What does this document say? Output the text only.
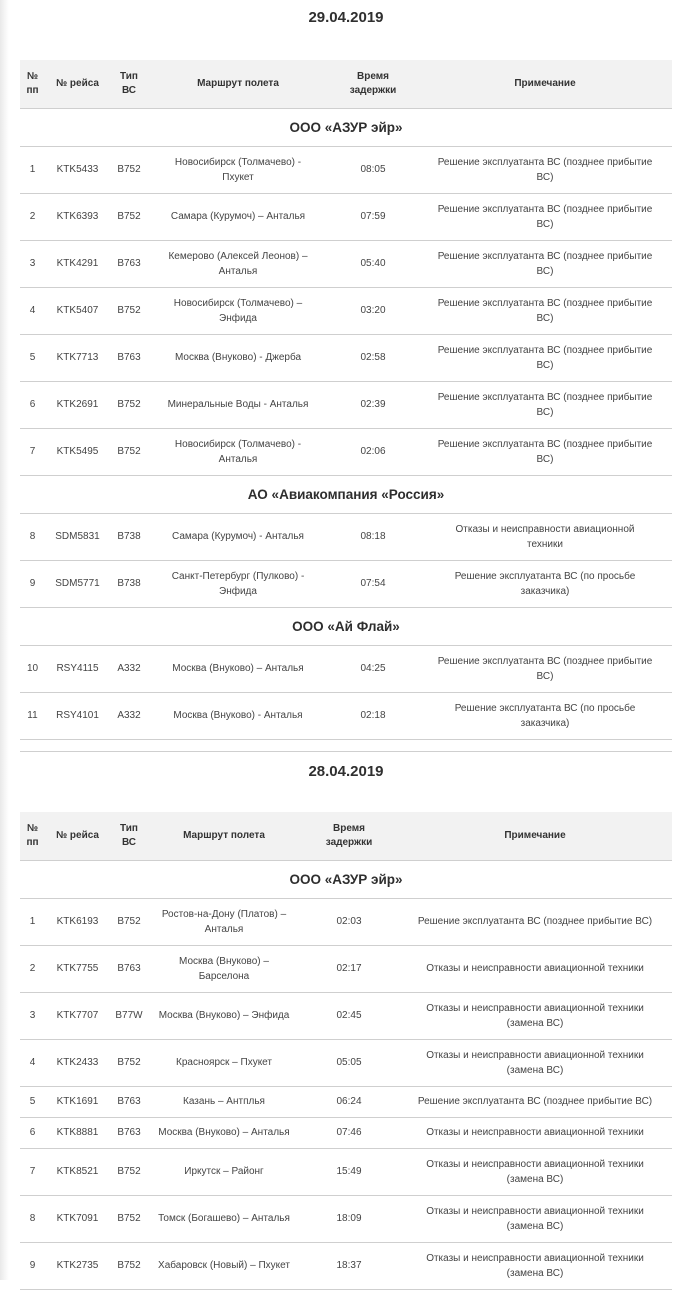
29.04.2019
№
пп	№ рейса	Тип
ВС	Маршрут полета	Время
задержки	Примечание
ООО «АЗУР эйр»					
1	KTK5433	B752	Новосибирск (Толмачево) -
Пхукет	08:05	Решение эксплуатанта ВС (позднее прибытие
ВС)
2	KTK6393	B752	Самара (Курумоч) – Анталья	07:59	Решение эксплуатанта ВС (позднее прибытие
ВС)
3	KTK4291	B763	Кемерово (Алексей Леонов) –
Анталья	05:40	Решение эксплуатанта ВС (позднее прибытие
ВС)
4	KTK5407	B752	Новосибирск (Толмачево) –
Энфида	03:20	Решение эксплуатанта ВС (позднее прибытие
ВС)
5	KTK7713	B763	Москва (Внуково) - Джерба	02:58	Решение эксплуатанта ВС (позднее прибытие
ВС)
6	KTK2691	B752	Минеральные Воды - Анталья	02:39	Решение эксплуатанта ВС (позднее прибытие
ВС)
7	KTK5495	B752	Новосибирск (Толмачево) -
Анталья	02:06	Решение эксплуатанта ВС (позднее прибытие
ВС)
АО «Авиакомпания «Россия»					
8	SDM5831	B738	Самара (Курумоч) - Анталья	08:18	Отказы и неисправности авиационной
техники
9	SDM5771	B738	Санкт-Петербург (Пулково) -
Энфида	07:54	Решение эксплуатанта ВС (по просьбе
заказчика)
ООО «Ай Флай»					
10	RSY4115	A332	Москва (Внуково) – Анталья	04:25	Решение эксплуатанта ВС (позднее прибытие
ВС)
11	RSY4101	A332	Москва (Внуково) - Анталья	02:18	Решение эксплуатанта ВС (по просьбе
заказчика)
28.04.2019
№
пп	№ рейса	Тип
ВС	Маршрут полета	Время
задержки	Примечание
ООО «АЗУР эйр»					
1	KTK6193	B752	Ростов-на-Дону (Платов) –
Анталья	02:03	Решение эксплуатанта ВС (позднее прибытие ВС)
2	KTK7755	B763	Москва (Внуково) –
Барселона	02:17	Отказы и неисправности авиационной техники
3	KTK7707	B77W	Москва (Внуково) – Энфида	02:45	Отказы и неисправности авиационной техники
(замена ВС)
4	KTK2433	B752	Красноярск – Пхукет	05:05	Отказы и неисправности авиационной техники
(замена ВС)
5	KTK1691	B763	Казань – Антплья	06:24	Решение эксплуатанта ВС (позднее прибытие ВС)
6	KTK8881	B763	Москва (Внуково) – Анталья	07:46	Отказы и неисправности авиационной техники
7	KTK8521	B752	Иркутск – Районг	15:49	Отказы и неисправности авиационной техники
(замена ВС)
8	KTK7091	B752	Томск (Богашево) – Анталья	18:09	Отказы и неисправности авиационной техники
(замена ВС)
9	KTK2735	B752	Хабаровск (Новый) – Пхукет	18:37	Отказы и неисправности авиационной техники
(замена ВС)
